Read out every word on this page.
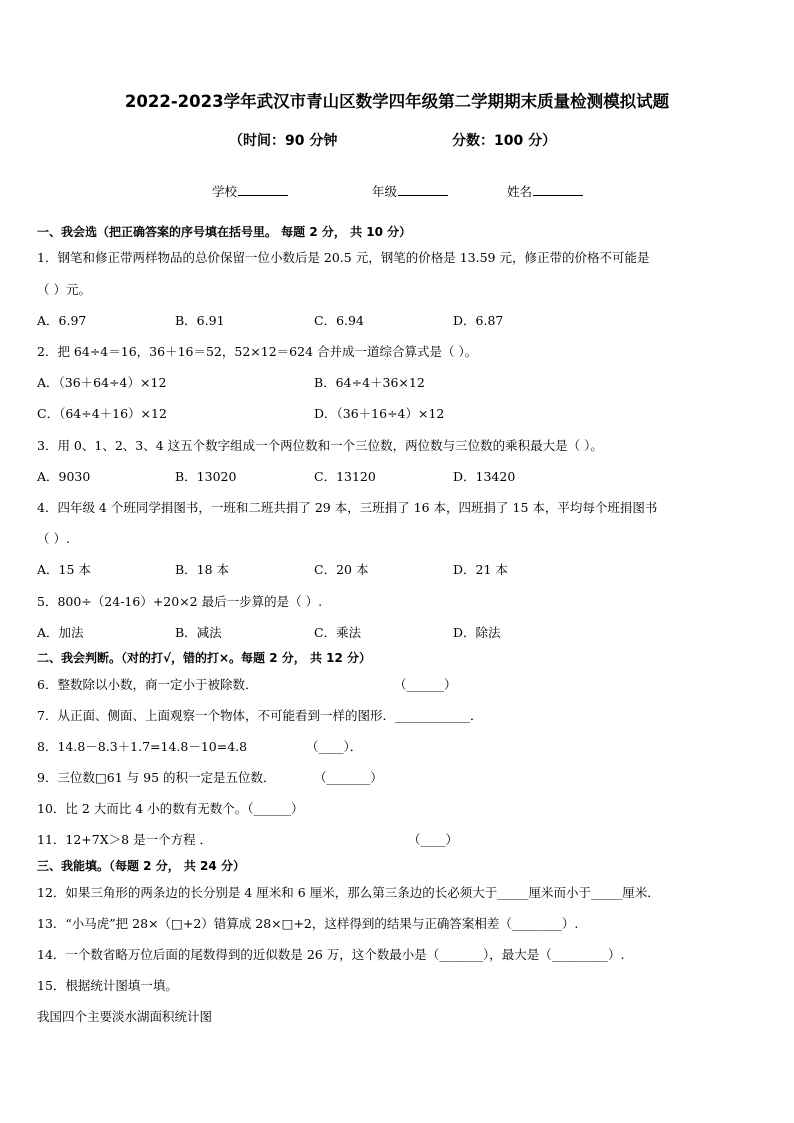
2022-2023学年武汉市青山区数学四年级第二学期期末质量检测模拟试题
（时间：90 分钟	分数：100 分）
学校	年级	姓名
一、我会选（把正确答案的序号填在括号里。 每题 2 分， 共 10 分）
1．钢笔和修正带两样物品的总价保留一位小数后是 20.5 元，钢笔的价格是 13.59 元，修正带的价格不可能是
（ ）元。
A．6.97	B．6.91	C．6.94	D．6.87
2．把 64÷4＝16，36＋16＝52，52×12＝624 合并成一道综合算式是（ ）。
A．（36＋64÷4）×12	B．64÷4＋36×12
C．（64÷4＋16）×12	D．（36＋16÷4）×12
3．用 0、1、2、3、4 这五个数字组成一个两位数和一个三位数，两位数与三位数的乘积最大是（ ）。
A．9030	B．13020	C．13120	D．13420
4．四年级 4 个班同学捐图书，一班和二班共捐了 29 本，三班捐了 16 本，四班捐了 15 本，平均每个班捐图书
（ ）.
A．15 本	B．18 本	C．20 本	D．21 本
5．800÷（24-16）+20×2 最后一步算的是（ ）.
A．加法	B．减法	C．乘法	D．除法
二、我会判断。（对的打√，错的打×。每题 2 分， 共 12 分）
6．整数除以小数，商一定小于被除数．	（______）
7．从正面、侧面、上面观察一个物体，不可能看到一样的图形．____________．
8．14.8－8.3＋1.7=14.8－10=4.8	（____）．
9．三位数□61 与 95 的积一定是五位数．	（_______）
10．比 2 大而比 4 小的数有无数个。（______）
11．12+7X＞8 是一个方程 ．	（____）
三、我能填。（每题 2 分， 共 24 分）
12．如果三角形的两条边的长分别是 4 厘米和 6 厘米，那么第三条边的长必须大于_____厘米而小于_____厘米．
13．“小马虎”把 28×（□+2）错算成 28×□+2，这样得到的结果与正确答案相差（________）.
14．一个数省略万位后面的尾数得到的近似数是 26 万，这个数最小是（_______），最大是（_________）.
15．根据统计图填一填。
我国四个主要淡水湖面积统计图
